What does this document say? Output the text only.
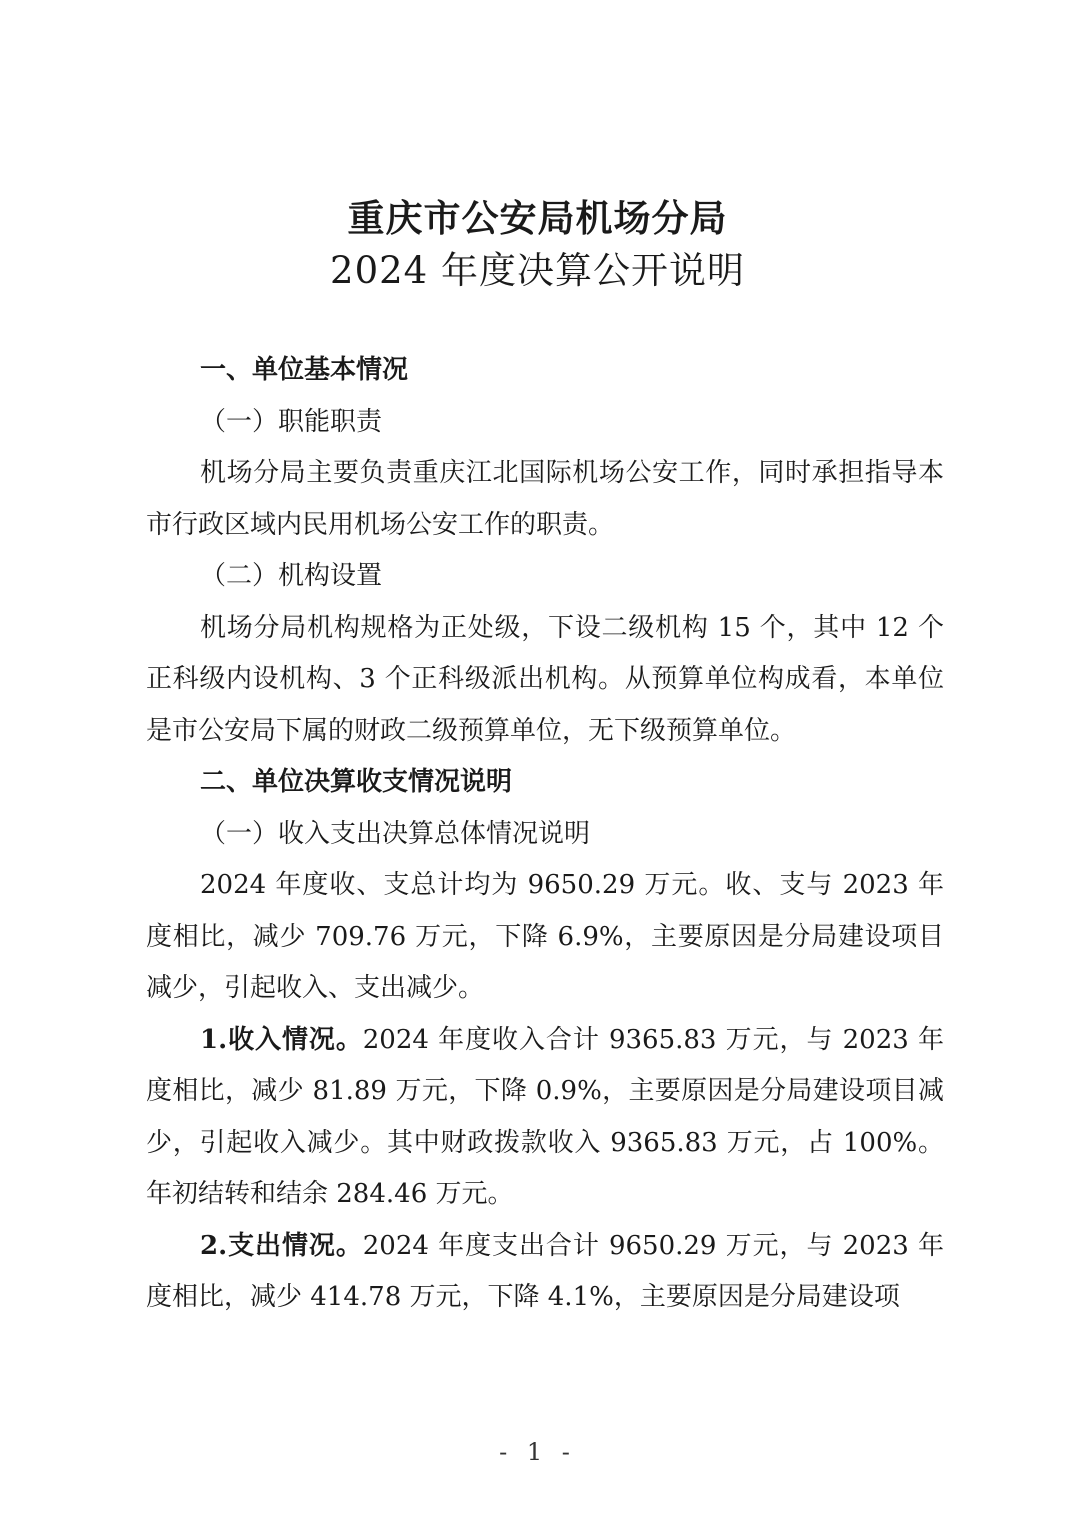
重庆市公安局机场分局
2024 年度决算公开说明

一、单位基本情况

（一）职能职责

机场分局主要负责重庆江北国际机场公安工作，同时承担指导本市行政区域内民用机场公安工作的职责。

（二）机构设置

机场分局机构规格为正处级，下设二级机构 15 个，其中 12 个正科级内设机构、3 个正科级派出机构。从预算单位构成看，本单位是市公安局下属的财政二级预算单位，无下级预算单位。

二、单位决算收支情况说明

（一）收入支出决算总体情况说明

2024 年度收、支总计均为 9650.29 万元。收、支与 2023 年度相比，减少 709.76 万元，下降 6.9%，主要原因是分局建设项目减少，引起收入、支出减少。

1.收入情况。2024 年度收入合计 9365.83 万元，与 2023 年度相比，减少 81.89 万元，下降 0.9%，主要原因是分局建设项目减少，引起收入减少。其中财政拨款收入 9365.83 万元，占 100%。年初结转和结余 284.46 万元。

2.支出情况。2024 年度支出合计 9650.29 万元，与 2023 年度相比，减少 414.78 万元，下降 4.1%，主要原因是分局建设项

- 1 -
